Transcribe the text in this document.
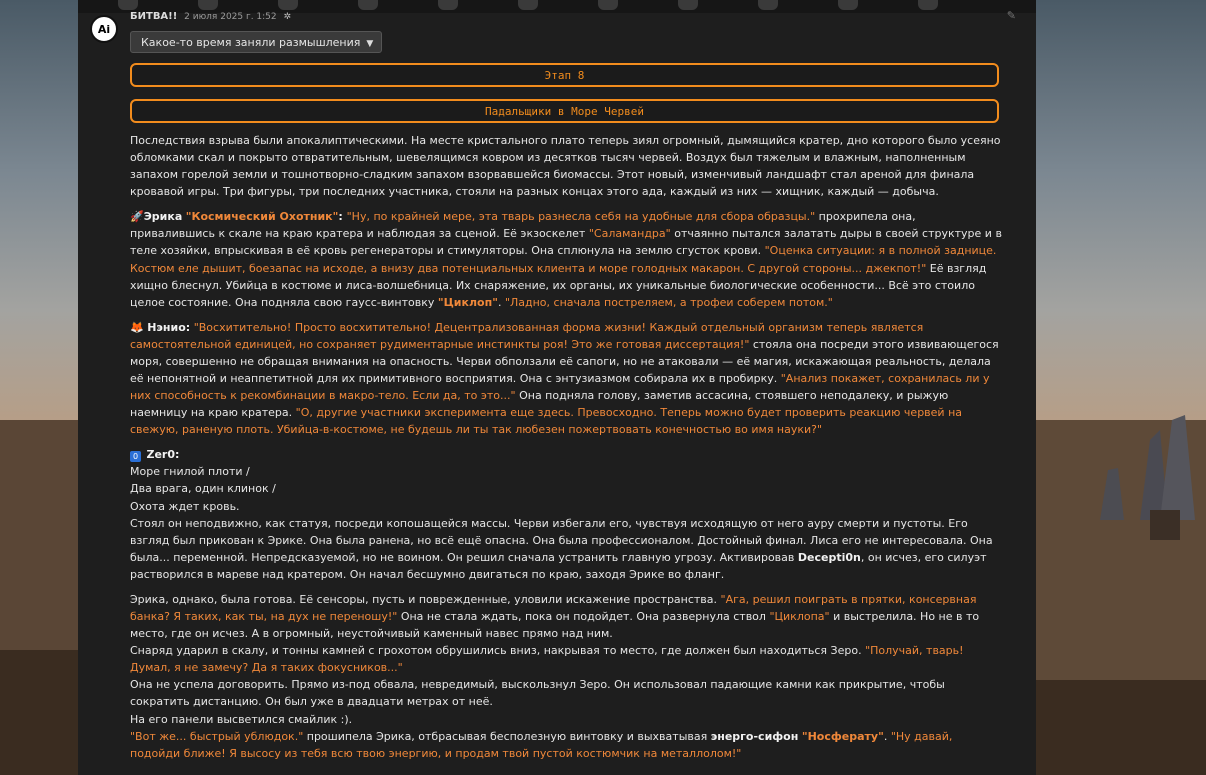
Ai
БИТВА!! 2 июля 2025 г. 1:52 ✲	✎
Какое-то время заняли размышления ▼
Этап 8
Падальщики в Море Червей

Последствия взрыва были апокалиптическими. На месте кристального плато теперь зиял огромный, дымящийся кратер, дно которого было усеяно обломками скал и покрыто отвратительным, шевелящимся ковром из десятков тысяч червей. Воздух был тяжелым и влажным, наполненным запахом горелой земли и тошнотворно-сладким запахом взорвавшейся биомассы. Этот новый, изменчивый ландшафт стал ареной для финала кровавой игры. Три фигуры, три последних участника, стояли на разных концах этого ада, каждый из них — хищник, каждый — добыча.

🚀Эрика "Космический Охотник": "Ну, по крайней мере, эта тварь разнесла себя на удобные для сбора образцы." прохрипела она, привалившись к скале на краю кратера и наблюдая за сценой. Её экзоскелет "Саламандра" отчаянно пытался залатать дыры в своей структуре и в теле хозяйки, впрыскивая в её кровь регенераторы и стимуляторы. Она сплюнула на землю сгусток крови. "Оценка ситуации: я в полной заднице. Костюм еле дышит, боезапас на исходе, а внизу два потенциальных клиента и море голодных макарон. С другой стороны... джекпот!" Её взгляд хищно блеснул. Убийца в костюме и лиса-волшебница. Их снаряжение, их органы, их уникальные биологические особенности... Всё это стоило целое состояние. Она подняла свою гаусс-винтовку "Циклоп". "Ладно, сначала постреляем, а трофеи соберем потом."

🦊 Нэнио: "Восхитительно! Просто восхитительно! Децентрализованная форма жизни! Каждый отдельный организм теперь является самостоятельной единицей, но сохраняет рудиментарные инстинкты роя! Это же готовая диссертация!" стояла она посреди этого извивающегося моря, совершенно не обращая внимания на опасность. Черви обползали её сапоги, но не атаковали — её магия, искажающая реальность, делала её непонятной и неаппетитной для их примитивного восприятия. Она с энтузиазмом собирала их в пробирку. "Анализ покажет, сохранилась ли у них способность к рекомбинации в макро-тело. Если да, то это..." Она подняла голову, заметив ассасина, стоявшего неподалеку, и рыжую наемницу на краю кратера. "О, другие участники эксперимента еще здесь. Превосходно. Теперь можно будет проверить реакцию червей на свежую, раненую плоть. Убийца-в-костюме, не будешь ли ты так любезен пожертвовать конечностью во имя науки?"

0 Zer0:
Море гнилой плоти /
Два врага, один клинок /
Охота ждет кровь.
Стоял он неподвижно, как статуя, посреди копошащейся массы. Черви избегали его, чувствуя исходящую от него ауру смерти и пустоты. Его взгляд был прикован к Эрике. Она была ранена, но всё ещё опасна. Она была профессионалом. Достойный финал. Лиса его не интересовала. Она была... переменной. Непредсказуемой, но не воином. Он решил сначала устранить главную угрозу. Активировав Decepti0n, он исчез, его силуэт растворился в мареве над кратером. Он начал бесшумно двигаться по краю, заходя Эрике во фланг.

Эрика, однако, была готова. Её сенсоры, пусть и поврежденные, уловили искажение пространства. "Ага, решил поиграть в прятки, консервная банка? Я таких, как ты, на дух не переношу!" Она не стала ждать, пока он подойдет. Она развернула ствол "Циклопа" и выстрелила. Но не в то место, где он исчез. А в огромный, неустойчивый каменный навес прямо над ним.
Снаряд ударил в скалу, и тонны камней с грохотом обрушились вниз, накрывая то место, где должен был находиться Зеро. "Получай, тварь! Думал, я не замечу? Да я таких фокусников..."
Она не успела договорить. Прямо из-под обвала, невредимый, выскользнул Зеро. Он использовал падающие камни как прикрытие, чтобы сократить дистанцию. Он был уже в двадцати метрах от неё.
На его панели высветился смайлик :).
"Вот же... быстрый ублюдок." прошипела Эрика, отбрасывая бесполезную винтовку и выхватывая энерго-сифон "Носферату". "Ну давай, подойди ближе! Я высосу из тебя всю твою энергию, и продам твой пустой костюмчик на металлолом!"
